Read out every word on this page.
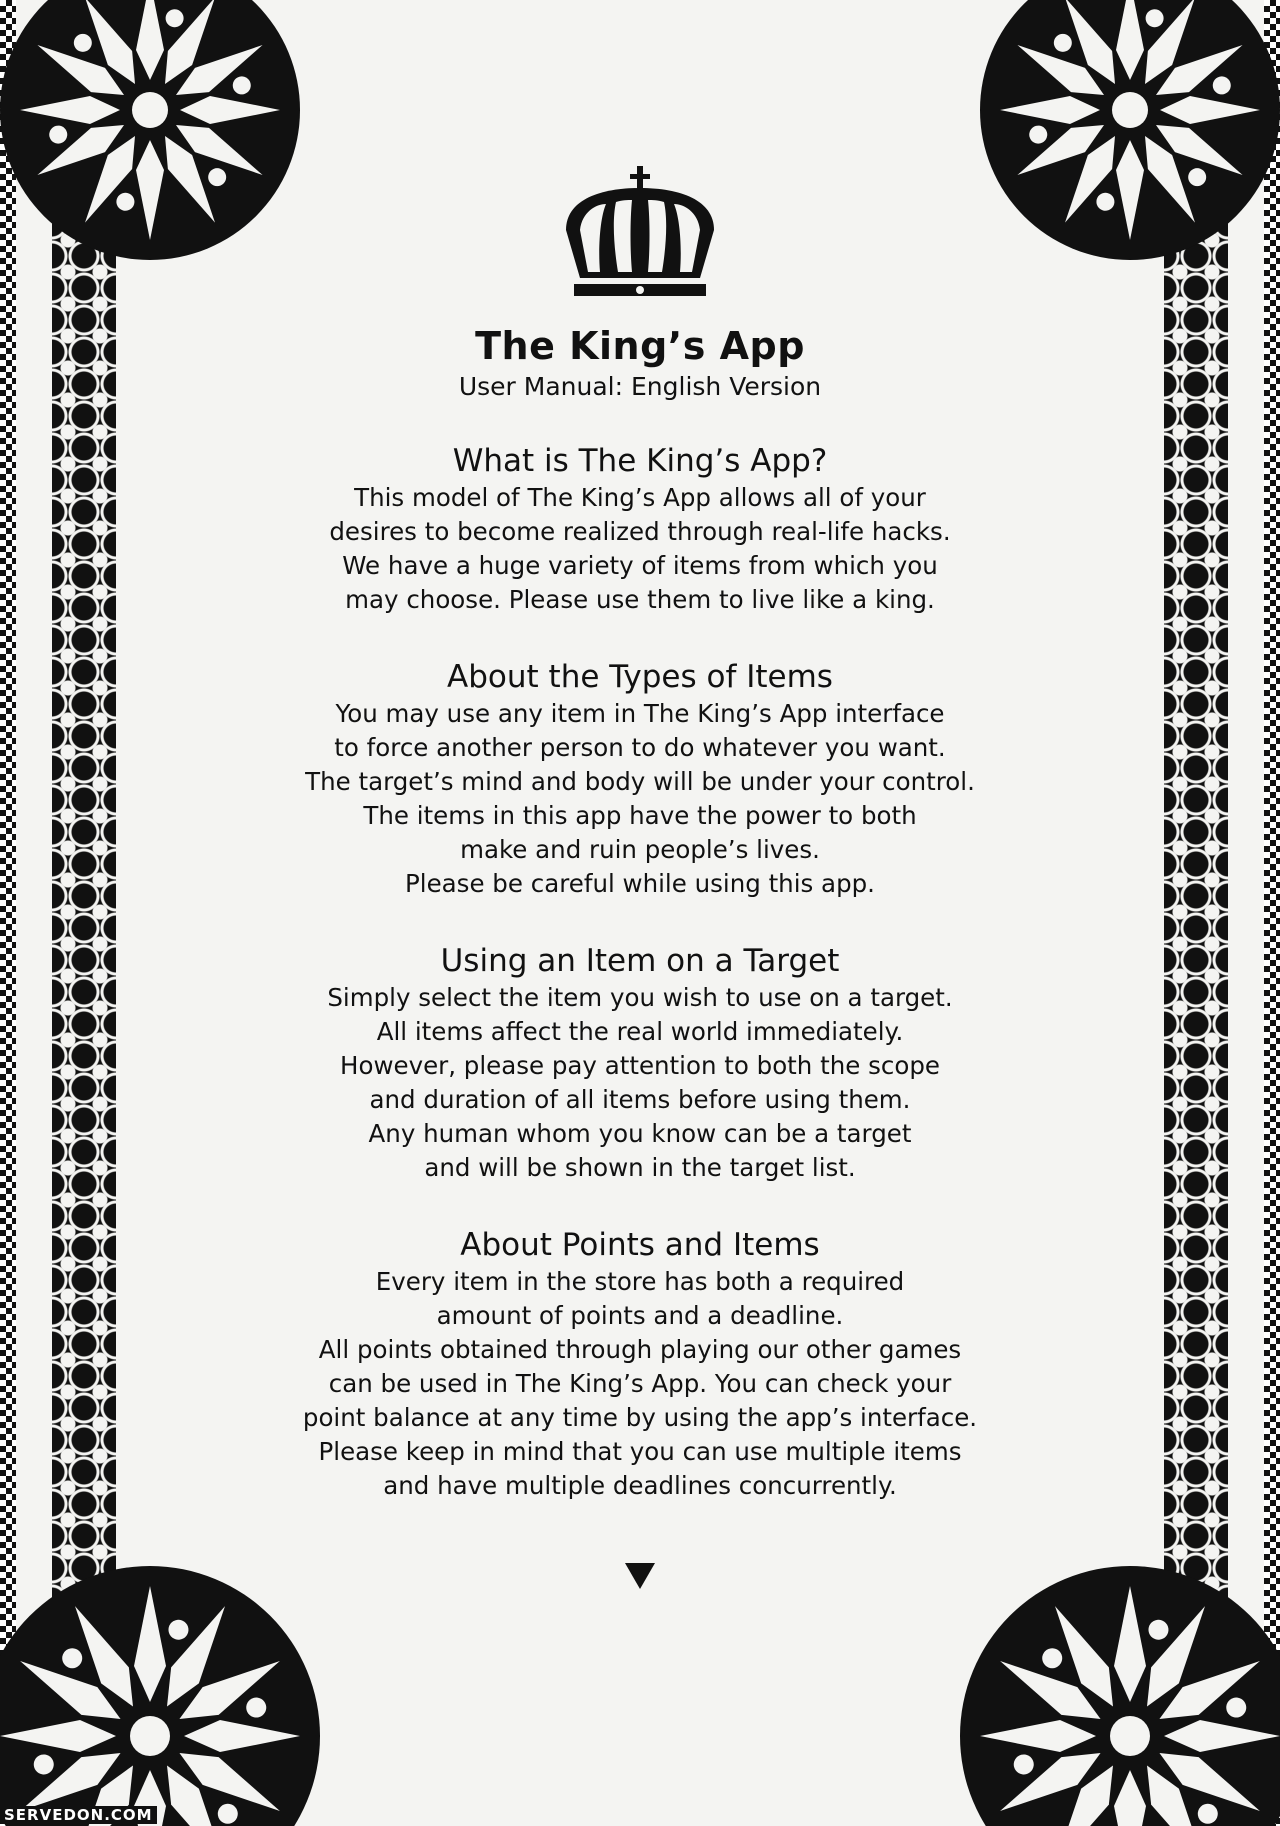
The King’s App
User Manual: English Version
What is The King’s App?
This model of The King’s App allows all of your
desires to become realized through real-life hacks.
We have a huge variety of items from which you
may choose. Please use them to live like a king.
About the Types of Items
You may use any item in The King’s App interface
to force another person to do whatever you want.
The target’s mind and body will be under your control.
The items in this app have the power to both
make and ruin people’s lives.
Please be careful while using this app.
Using an Item on a Target
Simply select the item you wish to use on a target.
All items affect the real world immediately.
However, please pay attention to both the scope
and duration of all items before using them.
Any human whom you know can be a target
and will be shown in the target list.
About Points and Items
Every item in the store has both a required
amount of points and a deadline.
All points obtained through playing our other games
can be used in The King’s App. You can check your
point balance at any time by using the app’s interface.
Please keep in mind that you can use multiple items
and have multiple deadlines concurrently.
SERVEDON.COM
